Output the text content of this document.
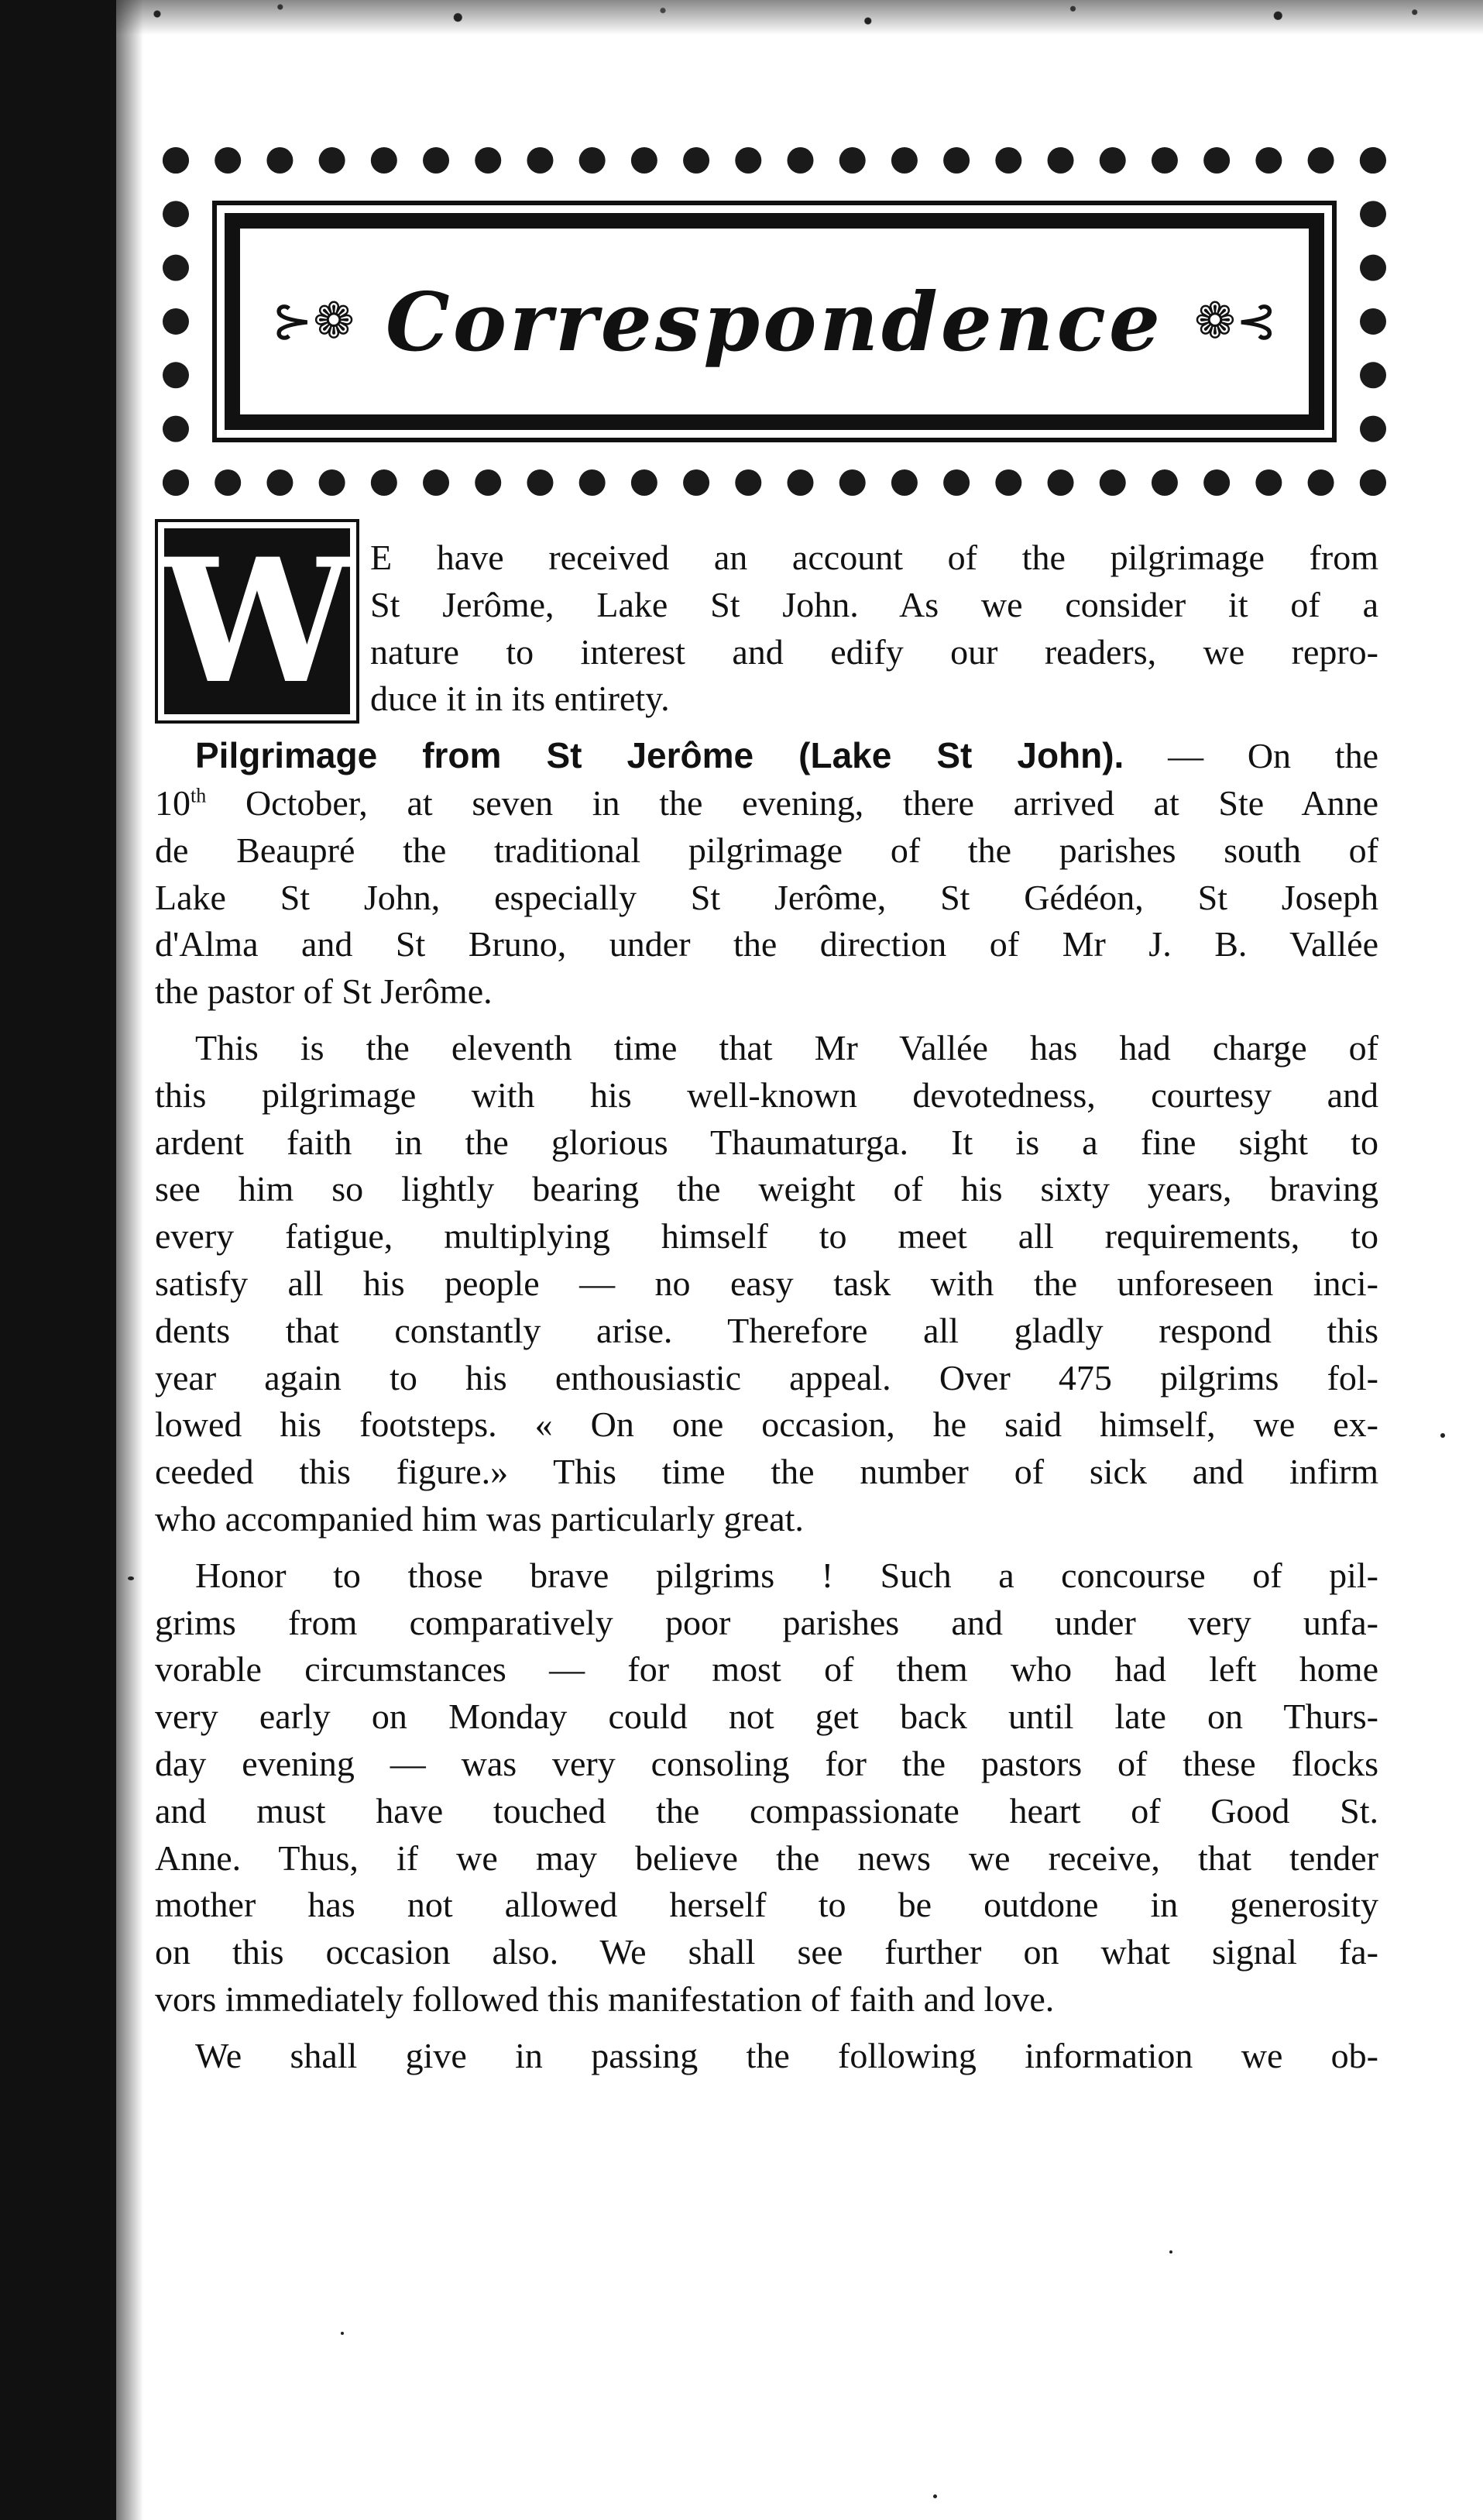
⊱❁ Correspondence ❁⊰
W E have received an account of the pilgrimage from
St Jerôme, Lake St John. As we consider it of a
nature to interest and edify our readers, we repro-
duce it in its entirety.
Pilgrimage from St Jerôme (Lake St John). — On the
10th October, at seven in the evening, there arrived at Ste Anne
de Beaupré the traditional pilgrimage of the parishes south of
Lake St John, especially St Jerôme, St Gédéon, St Joseph
d'Alma and St Bruno, under the direction of Mr J. B. Vallée
the pastor of St Jerôme.
This is the eleventh time that Mr Vallée has had charge of
this pilgrimage with his well-known devotedness, courtesy and
ardent faith in the glorious Thaumaturga. It is a fine sight to
see him so lightly bearing the weight of his sixty years, braving
every fatigue, multiplying himself to meet all requirements, to
satisfy all his people — no easy task with the unforeseen inci-
dents that constantly arise. Therefore all gladly respond this
year again to his enthousiastic appeal. Over 475 pilgrims fol-
lowed his footsteps. « On one occasion, he said himself, we ex-
ceeded this figure.» This time the number of sick and infirm
who accompanied him was particularly great.
Honor to those brave pilgrims ! Such a concourse of pil-
grims from comparatively poor parishes and under very unfa-
vorable circumstances — for most of them who had left home
very early on Monday could not get back until late on Thurs-
day evening — was very consoling for the pastors of these flocks
and must have touched the compassionate heart of Good St.
Anne. Thus, if we may believe the news we receive, that tender
mother has not allowed herself to be outdone in generosity
on this occasion also. We shall see further on what signal fa-
vors immediately followed this manifestation of faith and love.
We shall give in passing the following information we ob-
